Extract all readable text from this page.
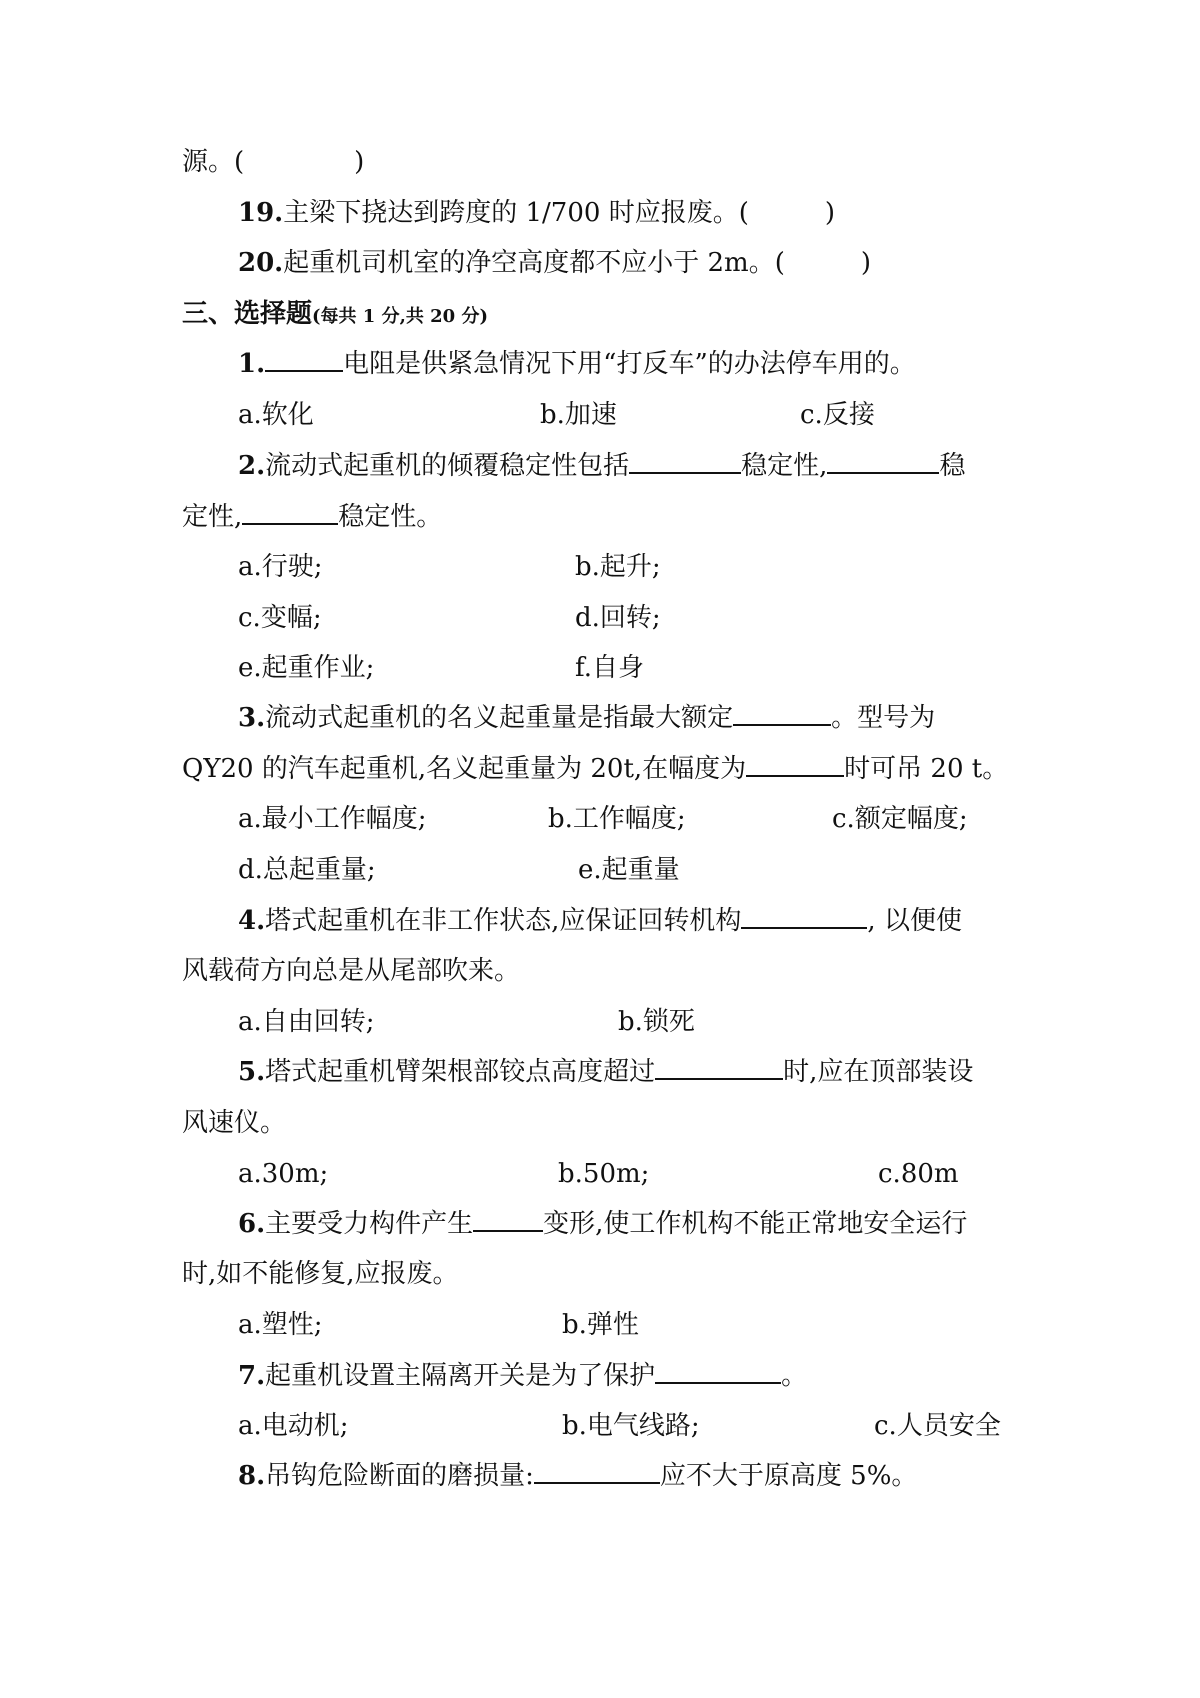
源。(	)
19.主梁下挠达到跨度的 1/700 时应报废。(	)
20.起重机司机室的净空高度都不应小于 2m。(	)
三、选择题(每共 1 分,共 20 分)
1.	电阻是供紧急情况下用“打反车”的办法停车用的。
a.软化	b.加速	c.反接
2.流动式起重机的倾覆稳定性包括	稳定性,	稳
定性,	稳定性。
a.行驶;	b.起升;
c.变幅;	d.回转;
e.起重作业;	f.自身
3.流动式起重机的名义起重量是指最大额定	。型号为
QY20 的汽车起重机,名义起重量为 20t,在幅度为	时可吊 20 t。
a.最小工作幅度;	b.工作幅度;	c.额定幅度;
d.总起重量;	e.起重量
4.塔式起重机在非工作状态,应保证回转机构	, 以便使
风载荷方向总是从尾部吹来。
a.自由回转;	b.锁死
5.塔式起重机臂架根部铰点高度超过	时,应在顶部装设
风速仪。
a.30m;	b.50m;	c.80m
6.主要受力构件产生	变形,使工作机构不能正常地安全运行
时,如不能修复,应报废。
a.塑性;	b.弹性
7.起重机设置主隔离开关是为了保护	。
a.电动机;	b.电气线路;	c.人员安全
8.吊钩危险断面的磨损量:	应不大于原高度 5%。
